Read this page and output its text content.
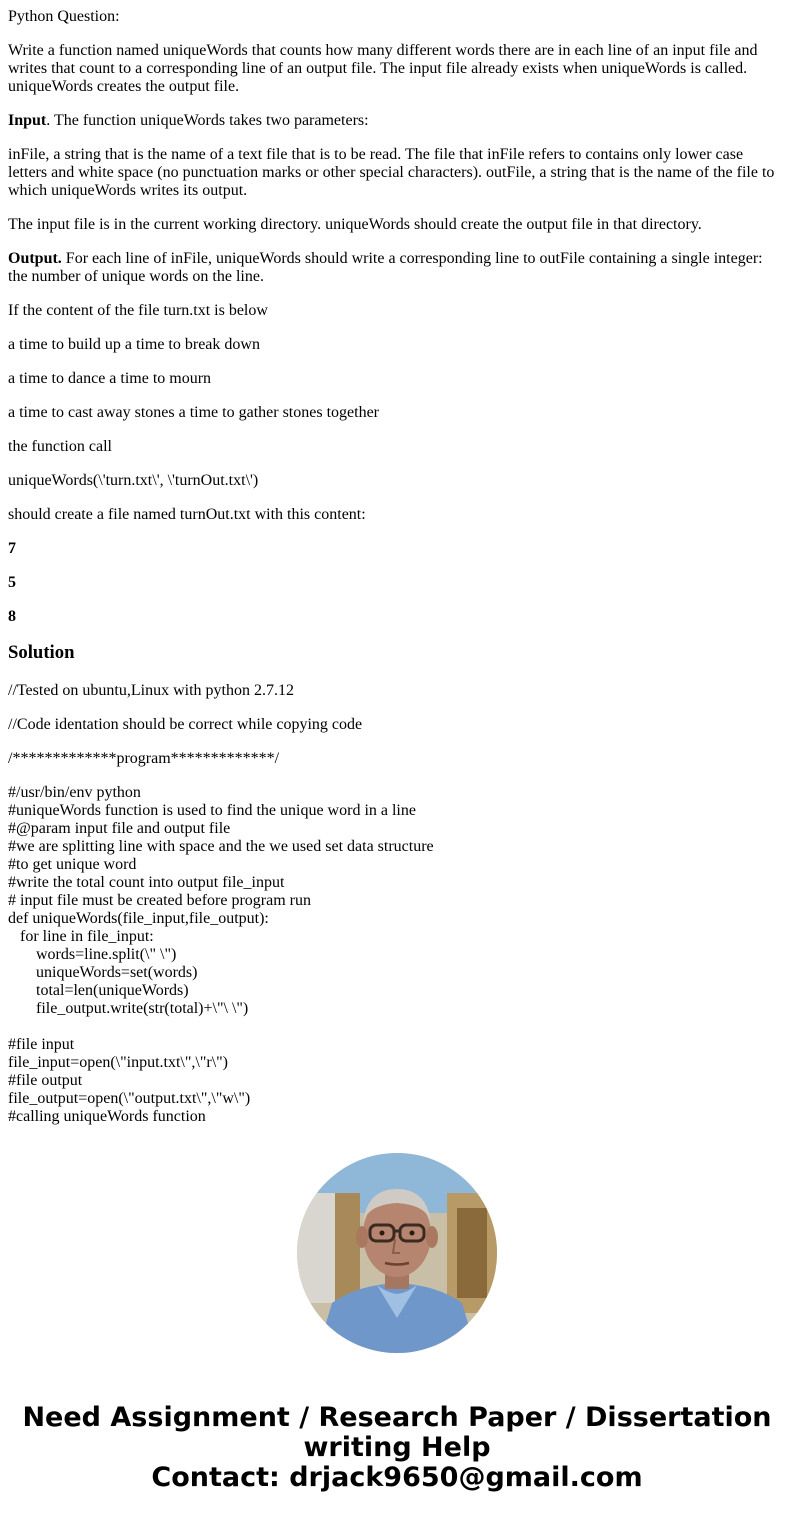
Python Question:

Write a function named uniqueWords that counts how many different words there are in each line of an input file and writes that count to a corresponding line of an output file. The input file already exists when uniqueWords is called. uniqueWords creates the output file.

Input. The function uniqueWords takes two parameters:

inFile, a string that is the name of a text file that is to be read. The file that inFile refers to contains only lower case letters and white space (no punctuation marks or other special characters). outFile, a string that is the name of the file to which uniqueWords writes its output.

The input file is in the current working directory. uniqueWords should create the output file in that directory.

Output. For each line of inFile, uniqueWords should write a corresponding line to outFile containing a single integer: the number of unique words on the line.

If the content of the file turn.txt is below

a time to build up a time to break down

a time to dance a time to mourn

a time to cast away stones a time to gather stones together

the function call

uniqueWords(\'turn.txt\', \'turnOut.txt\')

should create a file named turnOut.txt with this content:

7

5

8

Solution

//Tested on ubuntu,Linux with python 2.7.12

//Code identation should be correct while copying code

/*************program*************/

#/usr/bin/env python
#uniqueWords function is used to find the unique word in a line
#@param input file and output file
#we are splitting line with space and the we used set data structure
#to get unique word
#write the total count into output file_input
# input file must be created before program run
def uniqueWords(file_input,file_output):
for line in file_input:
words=line.split(\" \")
uniqueWords=set(words)
total=len(uniqueWords)
file_output.write(str(total)+\"\ \")
#file input
file_input=open(\"input.txt\",\"r\")
#file output
file_output=open(\"output.txt\",\"w\")
#calling uniqueWords function
Need Assignment / Research Paper / Dissertation
writing Help
Contact: drjack9650@gmail.com
